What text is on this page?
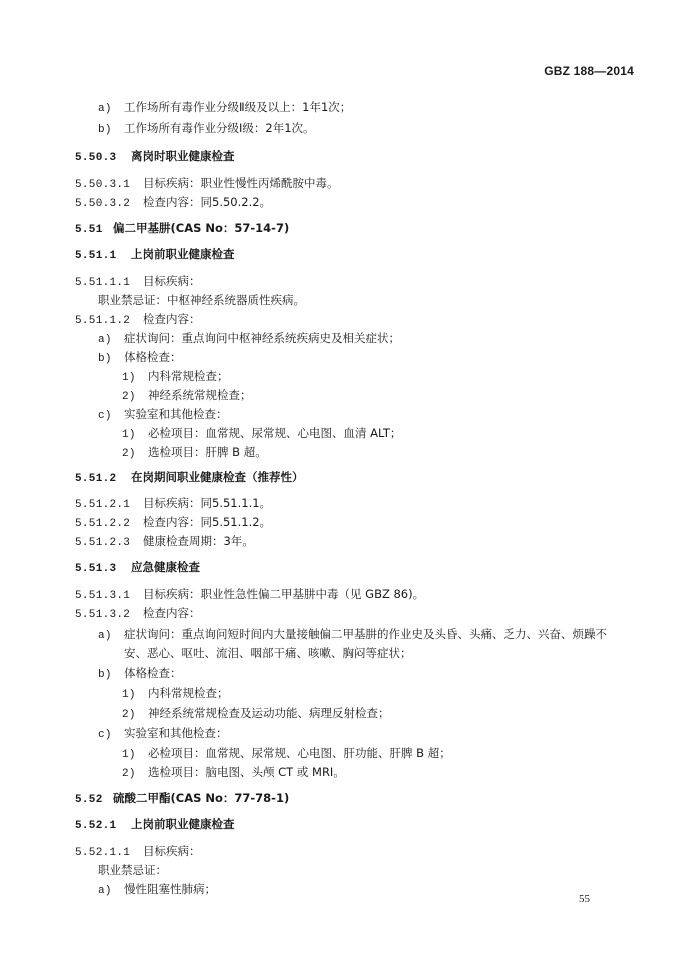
GBZ 188—2014
a) 工作场所有毒作业分级Ⅱ级及以上：1年1次；
b) 工作场所有毒作业分级Ⅰ级：2年1次。
5.50.3 离岗时职业健康检查
5.50.3.1 目标疾病：职业性慢性丙烯酰胺中毒。
5.50.3.2 检查内容：同5.50.2.2。
5.51 偏二甲基肼(CAS No：57-14-7)
5.51.1 上岗前职业健康检查
5.51.1.1 目标疾病：
职业禁忌证：中枢神经系统器质性疾病。
5.51.1.2 检查内容：
a) 症状询问：重点询问中枢神经系统疾病史及相关症状；
b) 体格检查：
1) 内科常规检查；
2) 神经系统常规检查；
c) 实验室和其他检查：
1) 必检项目：血常规、尿常规、心电图、血清 ALT；
2) 选检项目：肝脾 B 超。
5.51.2 在岗期间职业健康检查（推荐性）
5.51.2.1 目标疾病：同5.51.1.1。
5.51.2.2 检查内容：同5.51.1.2。
5.51.2.3 健康检查周期：3年。
5.51.3 应急健康检查
5.51.3.1 目标疾病：职业性急性偏二甲基肼中毒（见 GBZ 86)。
5.51.3.2 检查内容：
a) 症状询问：重点询问短时间内大量接触偏二甲基肼的作业史及头昏、头痛、乏力、兴奋、烦躁不
安、恶心、呕吐、流泪、咽部干痛、咳嗽、胸闷等症状；
b) 体格检查：
1) 内科常规检查；
2) 神经系统常规检查及运动功能、病理反射检查；
c) 实验室和其他检查：
1) 必检项目：血常规、尿常规、心电图、肝功能、肝脾 B 超；
2) 选检项目：脑电图、头颅 CT 或 MRI。
5.52 硫酸二甲酯(CAS No：77-78-1)
5.52.1 上岗前职业健康检查
5.52.1.1 目标疾病：
职业禁忌证：
a) 慢性阻塞性肺病；
55
